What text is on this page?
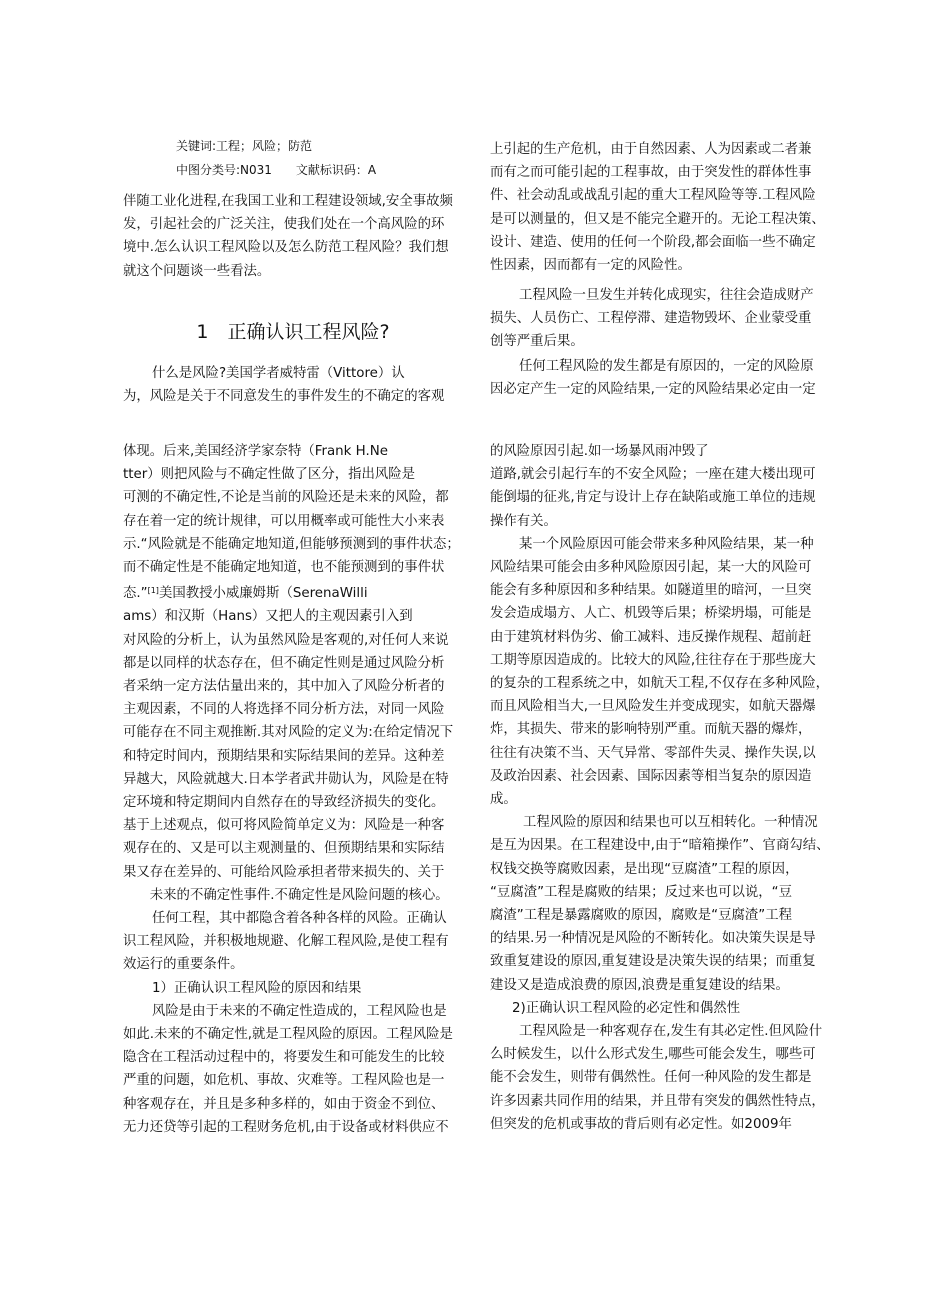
关键词:工程；风险；防范
中图分类号:N031　　文献标识码：A
伴随工业化进程,在我国工业和工程建设领域,安全事故频
发，引起社会的广泛关注，使我们处在一个高风险的环
境中.怎么认识工程风险以及怎么防范工程风险？我们想
就这个问题谈一些看法。
1　正确认识工程风险?
什么是风险?美国学者威特雷（Vittore）认
为，风险是关于不同意发生的事件发生的不确定的客观
上引起的生产危机，由于自然因素、人为因素或二者兼
而有之而可能引起的工程事故，由于突发性的群体性事
件、社会动乱或战乱引起的重大工程风险等等.工程风险
是可以测量的，但又是不能完全避开的。无论工程决策、
设计、建造、使用的任何一个阶段,都会面临一些不确定
性因素，因而都有一定的风险性。
工程风险一旦发生并转化成现实，往往会造成财产
损失、人员伤亡、工程停滞、建造物毁坏、企业蒙受重
创等严重后果。
任何工程风险的发生都是有原因的，一定的风险原
因必定产生一定的风险结果,一定的风险结果必定由一定
体现。后来,美国经济学家奈特（Frank H.Ne
tter）则把风险与不确定性做了区分，指出风险是
可测的不确定性,不论是当前的风险还是未来的风险，都
存在着一定的统计规律，可以用概率或可能性大小来表
示.“风险就是不能确定地知道,但能够预测到的事件状态；
而不确定性是不能确定地知道，也不能预测到的事件状
态.”[1]美国教授小威廉姆斯（SerenaWilli
ams）和汉斯（Hans）又把人的主观因素引入到
对风险的分析上，认为虽然风险是客观的,对任何人来说
都是以同样的状态存在，但不确定性则是通过风险分析
者采纳一定方法估量出来的，其中加入了风险分析者的
主观因素，不同的人将选择不同分析方法，对同一风险
可能存在不同主观推断.其对风险的定义为:在给定情况下
和特定时间内，预期结果和实际结果间的差异。这种差
异越大，风险就越大.日本学者武井勋认为，风险是在特
定环境和特定期间内自然存在的导致经济损失的变化。
基于上述观点，似可将风险简单定义为：风险是一种客
观存在的、又是可以主观测量的、但预期结果和实际结
果又存在差异的、可能给风险承担者带来损失的、关于
　　未来的不确定性事件.不确定性是风险问题的核心。
任何工程，其中都隐含着各种各样的风险。正确认
识工程风险，并积极地规避、化解工程风险,是使工程有
效运行的重要条件。
1）正确认识工程风险的原因和结果
风险是由于未来的不确定性造成的，工程风险也是
如此.未来的不确定性,就是工程风险的原因。工程风险是
隐含在工程活动过程中的，将要发生和可能发生的比较
严重的问题，如危机、事故、灾难等。工程风险也是一
种客观存在，并且是多种多样的，如由于资金不到位、
无力还贷等引起的工程财务危机,由于设备或材料供应不
的风险原因引起.如一场暴风雨冲毁了
道路,就会引起行车的不安全风险；一座在建大楼出现可
能倒塌的征兆,肯定与设计上存在缺陷或施工单位的违规
操作有关。
某一个风险原因可能会带来多种风险结果，某一种
风险结果可能会由多种风险原因引起，某一大的风险可
能会有多种原因和多种结果。如隧道里的暗河，一旦突
发会造成塌方、人亡、机毁等后果；桥梁坍塌，可能是
由于建筑材料伪劣、偷工减料、违反操作规程、超前赶
工期等原因造成的。比较大的风险,往往存在于那些庞大
的复杂的工程系统之中，如航天工程,不仅存在多种风险，
而且风险相当大,一旦风险发生并变成现实，如航天器爆
炸，其损失、带来的影响特别严重。而航天器的爆炸，
往往有决策不当、天气异常、零部件失灵、操作失误,以
及政治因素、社会因素、国际因素等相当复杂的原因造
成。
工程风险的原因和结果也可以互相转化。一种情况
是互为因果。在工程建设中,由于“暗箱操作”、官商勾结、
权钱交换等腐败因素，是出现“豆腐渣”工程的原因，
“豆腐渣”工程是腐败的结果；反过来也可以说，“豆
腐渣”工程是暴露腐败的原因，腐败是“豆腐渣”工程
的结果.另一种情况是风险的不断转化。如决策失误是导
致重复建设的原因,重复建设是决策失误的结果；而重复
建设又是造成浪费的原因,浪费是重复建设的结果。
2)正确认识工程风险的必定性和偶然性
工程风险是一种客观存在,发生有其必定性.但风险什
么时候发生，以什么形式发生,哪些可能会发生，哪些可
能不会发生，则带有偶然性。任何一种风险的发生都是
许多因素共同作用的结果，并且带有突发的偶然性特点，
但突发的危机或事故的背后则有必定性。如2009年
